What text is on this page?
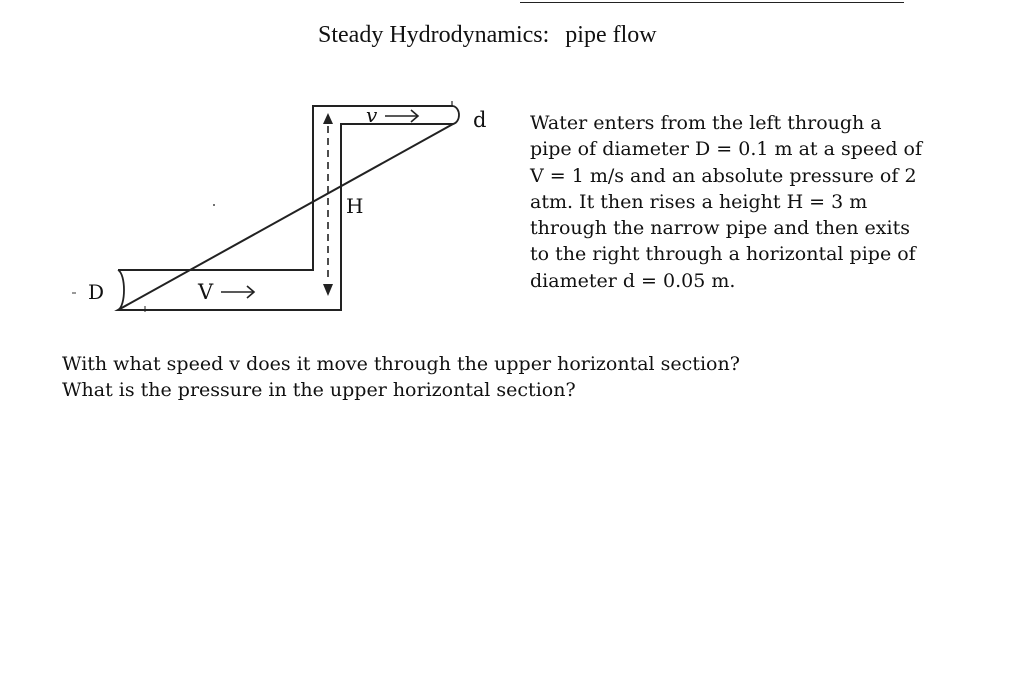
Steady Hydrodynamics: pipe flow
D	V
H
v	d Water enters from the left through a
pipe of diameter D = 0.1 m at a speed of
V = 1 m/s and an absolute pressure of 2
atm. It then rises a height H = 3 m
through the narrow pipe and then exits
to the right through a horizontal pipe of
diameter d = 0.05 m.
With what speed v does it move through the upper horizontal section?
What is the pressure in the upper horizontal section?
